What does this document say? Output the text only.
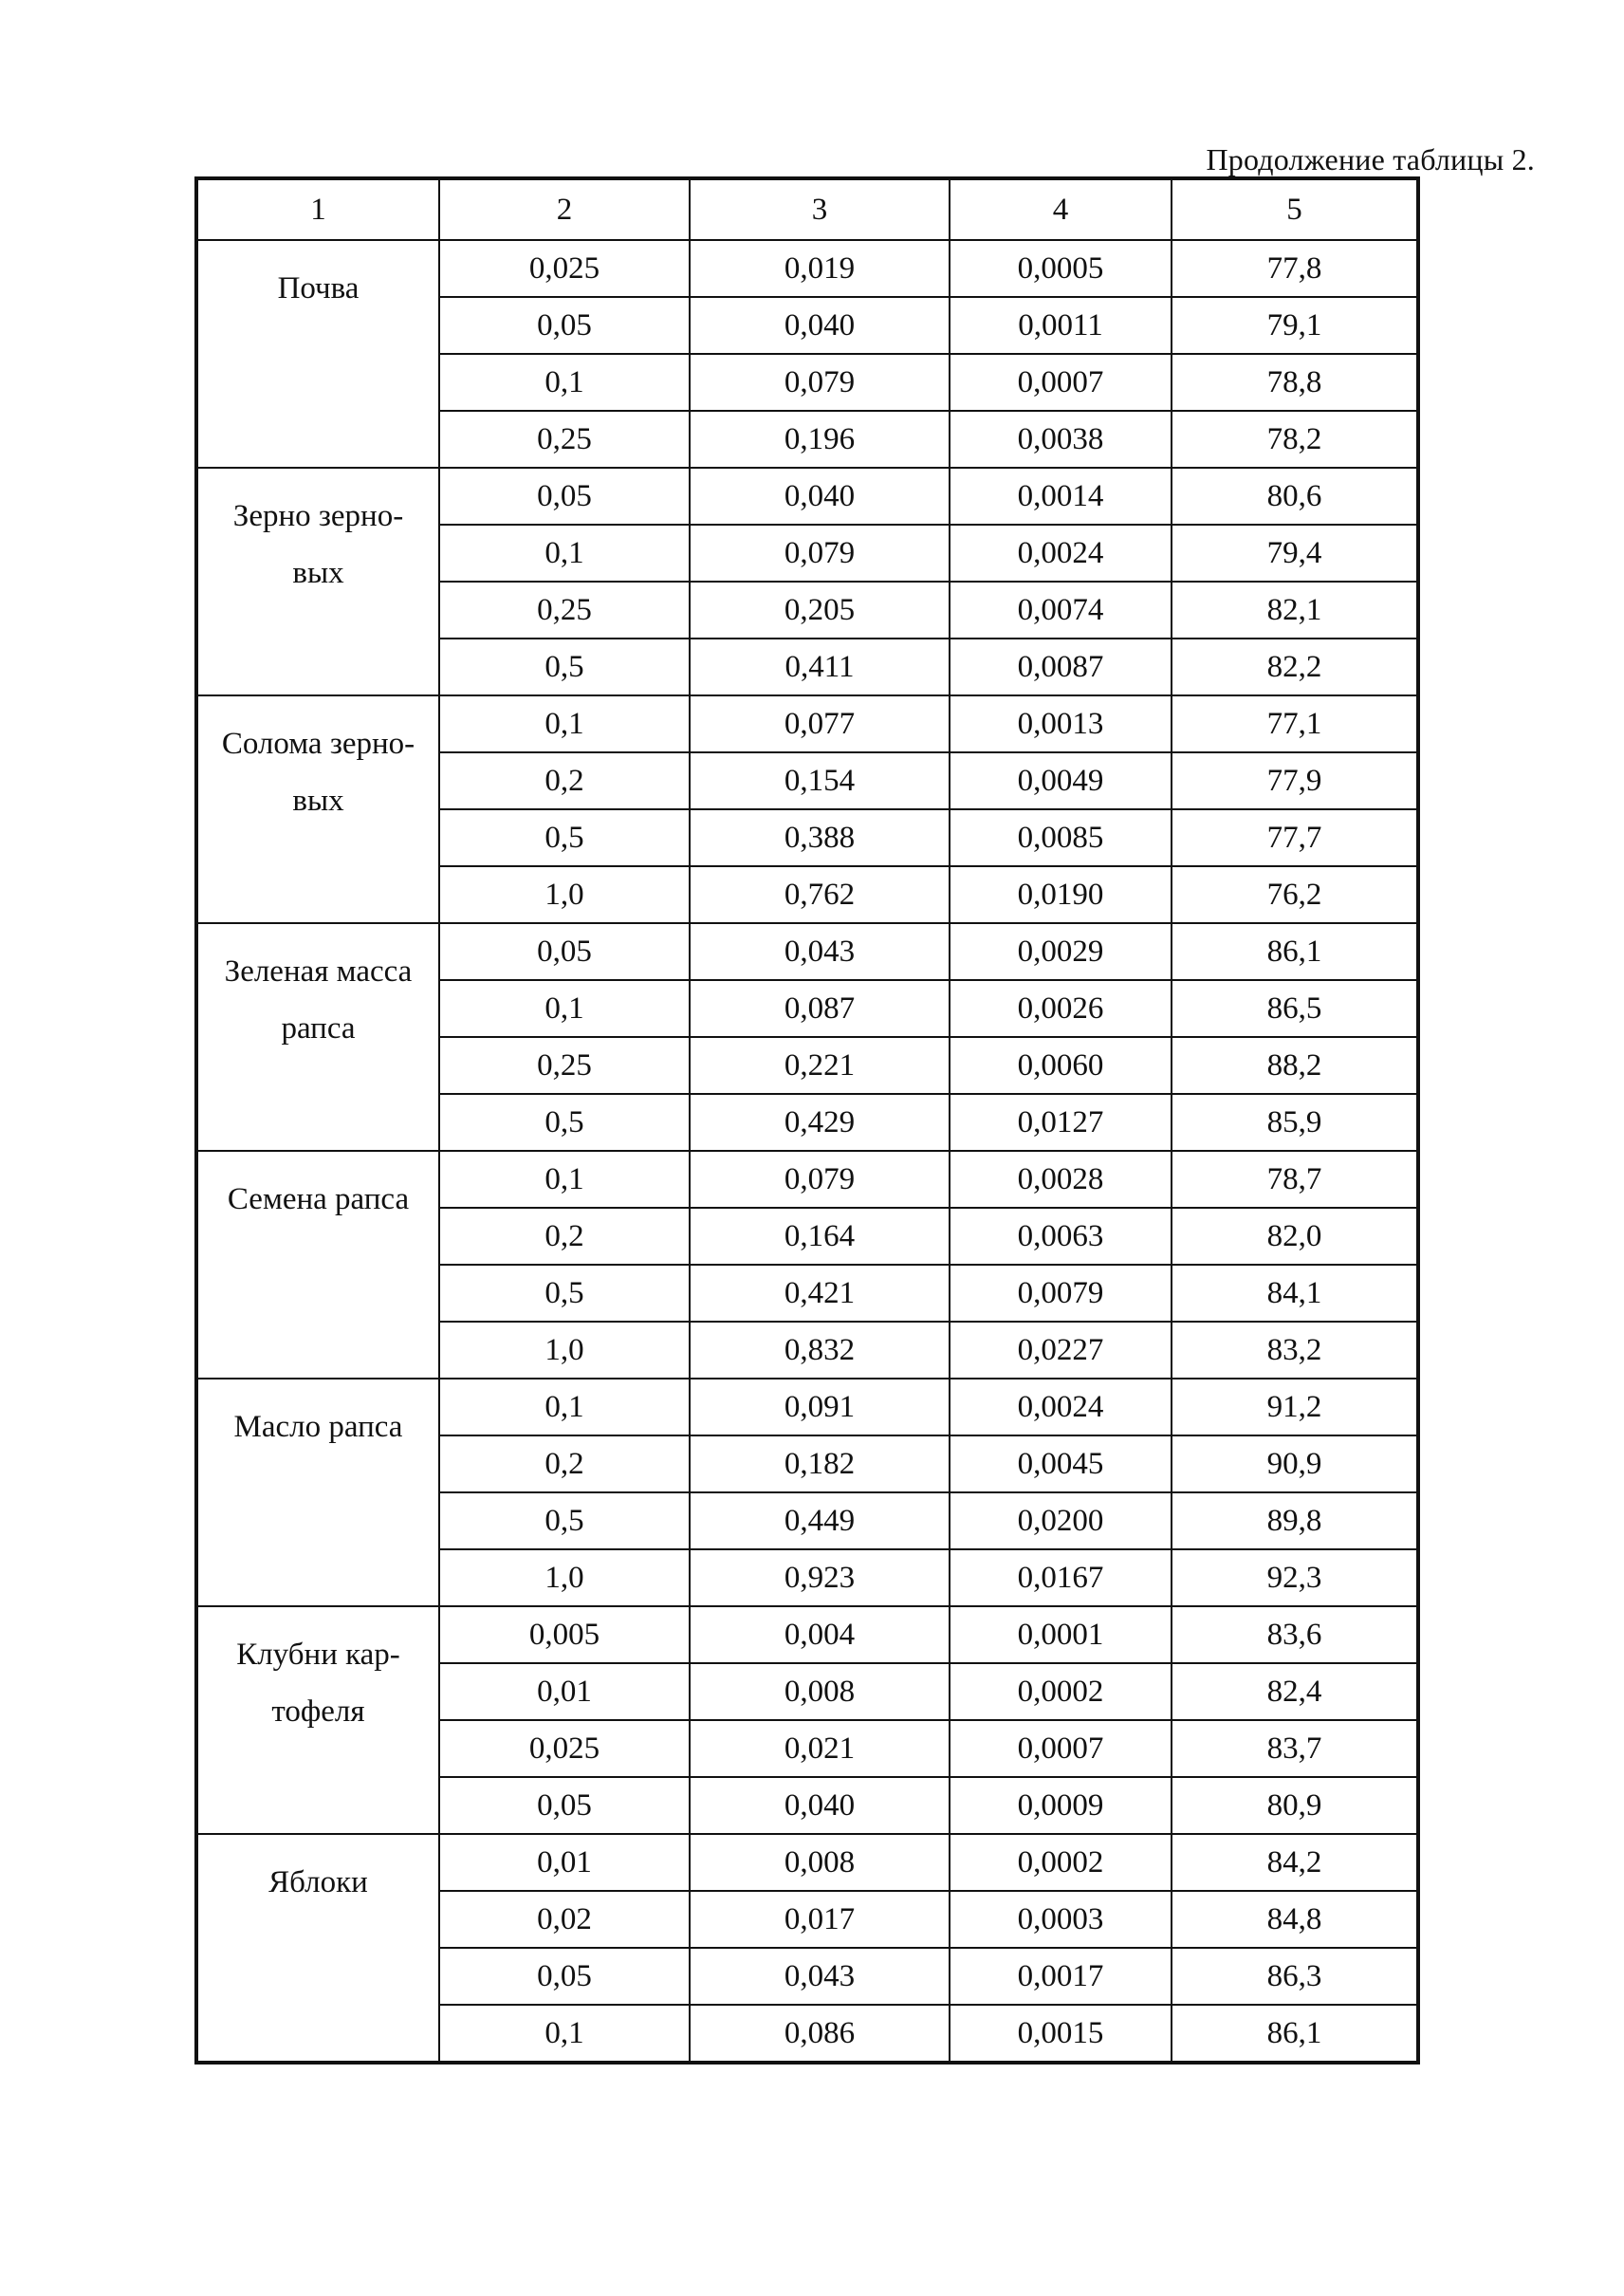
Продолжение таблицы 2.
1	2	3	4	5

Почва	0,025	0,019	0,0005	77,8
	0,05	0,040	0,0011	79,1
	0,1	0,079	0,0007	78,8
	0,25	0,196	0,0038	78,2

Зерно зерно-
вых	0,05	0,040	0,0014	80,6
	0,1	0,079	0,0024	79,4
	0,25	0,205	0,0074	82,1
	0,5	0,411	0,0087	82,2

Солома зерно-
вых	0,1	0,077	0,0013	77,1
	0,2	0,154	0,0049	77,9
	0,5	0,388	0,0085	77,7
	1,0	0,762	0,0190	76,2

Зеленая масса
рапса	0,05	0,043	0,0029	86,1
	0,1	0,087	0,0026	86,5
	0,25	0,221	0,0060	88,2
	0,5	0,429	0,0127	85,9

Семена рапса	0,1	0,079	0,0028	78,7
	0,2	0,164	0,0063	82,0
	0,5	0,421	0,0079	84,1
	1,0	0,832	0,0227	83,2

Масло рапса	0,1	0,091	0,0024	91,2
	0,2	0,182	0,0045	90,9
	0,5	0,449	0,0200	89,8
	1,0	0,923	0,0167	92,3

Клубни кар-
тофеля	0,005	0,004	0,0001	83,6
	0,01	0,008	0,0002	82,4
	0,025	0,021	0,0007	83,7
	0,05	0,040	0,0009	80,9

Яблоки	0,01	0,008	0,0002	84,2
	0,02	0,017	0,0003	84,8
	0,05	0,043	0,0017	86,3
	0,1	0,086	0,0015	86,1
